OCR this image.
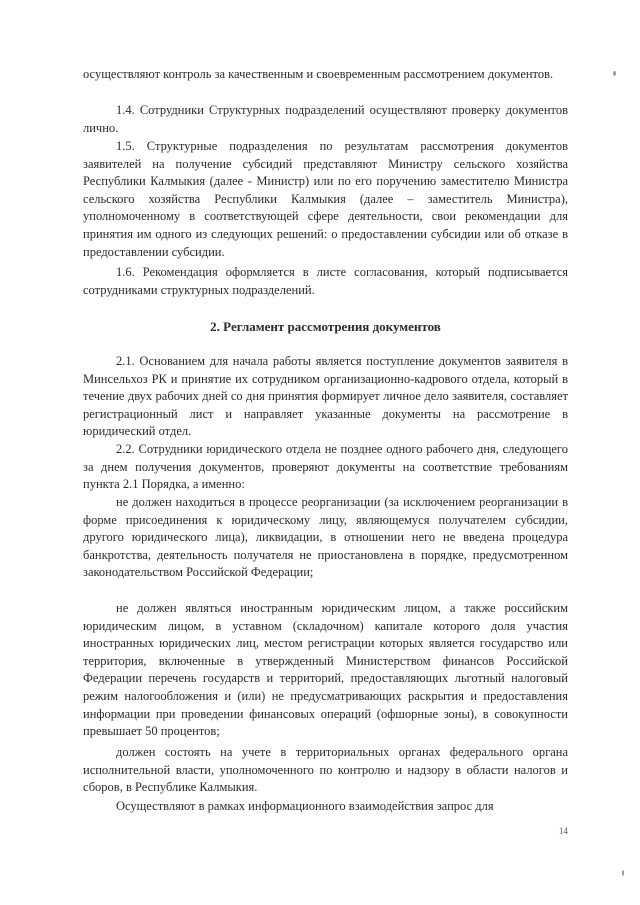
осуществляют контроль за качественным и своевременным рассмотрением документов.

1.4. Сотрудники Структурных подразделений осуществляют проверку документов лично.

1.5. Структурные подразделения по результатам рассмотрения документов заявителей на получение субсидий представляют Министру сельского хозяйства Республики Калмыкия (далее - Министр) или по его поручению заместителю Министра сельского хозяйства Республики Калмыкия (далее – заместитель Министра), уполномоченному в соответствующей сфере деятельности, свои рекомендации для принятия им одного из следующих решений: о предоставлении субсидии или об отказе в предоставлении субсидии.

1.6. Рекомендация оформляется в листе согласования, который подписывается сотрудниками структурных подразделений.

2. Регламент рассмотрения документов

2.1. Основанием для начала работы является поступление документов заявителя в Минсельхоз РК и принятие их сотрудником организационно-кадрового отдела, который в течение двух рабочих дней со дня принятия формирует личное дело заявителя, составляет регистрационный лист и направляет указанные документы на рассмотрение в юридический отдел.

2.2. Сотрудники юридического отдела не позднее одного рабочего дня, следующего за днем получения документов, проверяют документы на соответствие требованиям пункта 2.1 Порядка, а именно:

не должен находиться в процессе реорганизации (за исключением реорганизации в форме присоединения к юридическому лицу, являющемуся получателем субсидии, другого юридического лица), ликвидации, в отношении него не введена процедура банкротства, деятельность получателя не приостановлена в порядке, предусмотренном законодательством Российской Федерации;

не должен являться иностранным юридическим лицом, а также российским юридическим лицом, в уставном (складочном) капитале которого доля участия иностранных юридических лиц, местом регистрации которых является государство или территория, включенные в утвержденный Министерством финансов Российской Федерации перечень государств и территорий, предоставляющих льготный налоговый режим налогообложения и (или) не предусматривающих раскрытия и предоставления информации при проведении финансовых операций (офшорные зоны), в совокупности превышает 50 процентов;

должен состоять на учете в территориальных органах федерального органа исполнительной власти, уполномоченного по контролю и надзору в области налогов и сборов, в Республике Калмыкия.

Осуществляют в рамках информационного взаимодействия запрос для

14
